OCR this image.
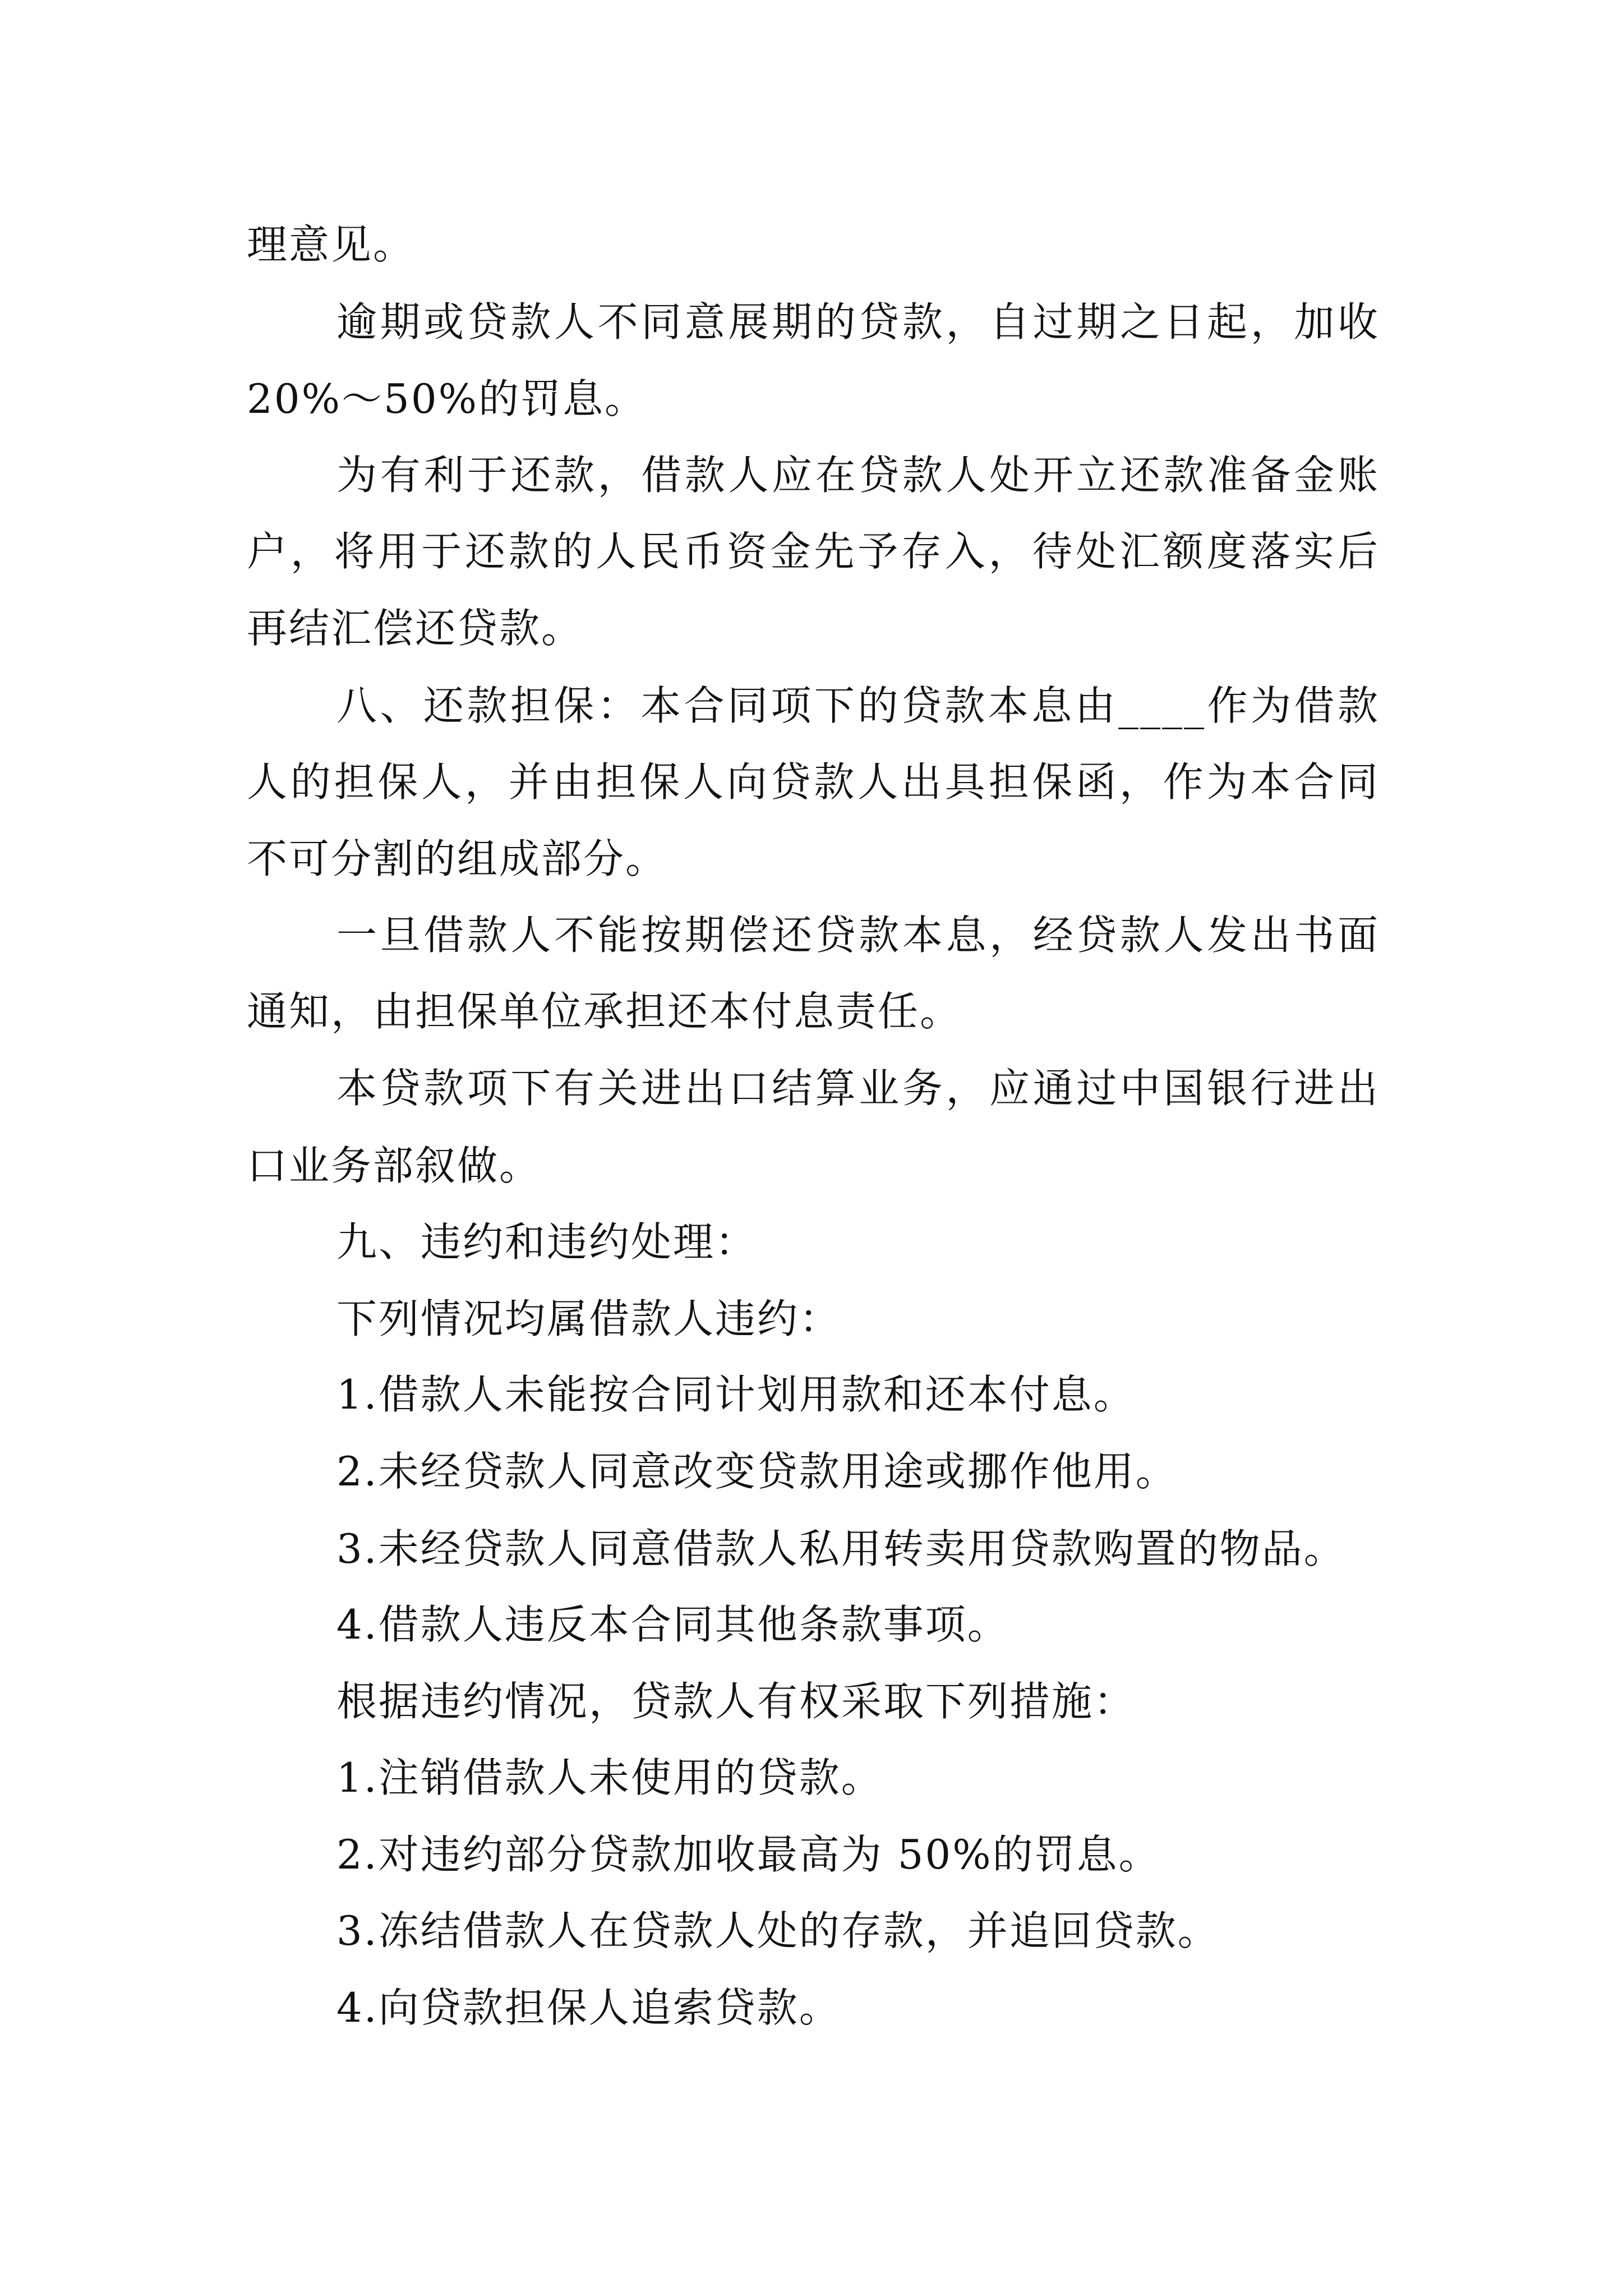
理意见。
逾期或贷款人不同意展期的贷款，自过期之日起，加收
20%～50%的罚息。
为有利于还款，借款人应在贷款人处开立还款准备金账
户，将用于还款的人民币资金先予存入，待处汇额度落实后
再结汇偿还贷款。
八、还款担保：本合同项下的贷款本息由____作为借款
人的担保人，并由担保人向贷款人出具担保函，作为本合同
不可分割的组成部分。
一旦借款人不能按期偿还贷款本息，经贷款人发出书面
通知，由担保单位承担还本付息责任。
本贷款项下有关进出口结算业务，应通过中国银行进出
口业务部叙做。
九、违约和违约处理：
下列情况均属借款人违约：
1.借款人未能按合同计划用款和还本付息。
2.未经贷款人同意改变贷款用途或挪作他用。
3.未经贷款人同意借款人私用转卖用贷款购置的物品。
4.借款人违反本合同其他条款事项。
根据违约情况，贷款人有权采取下列措施：
1.注销借款人未使用的贷款。
2.对违约部分贷款加收最高为 50%的罚息。
3.冻结借款人在贷款人处的存款，并追回贷款。
4.向贷款担保人追索贷款。
